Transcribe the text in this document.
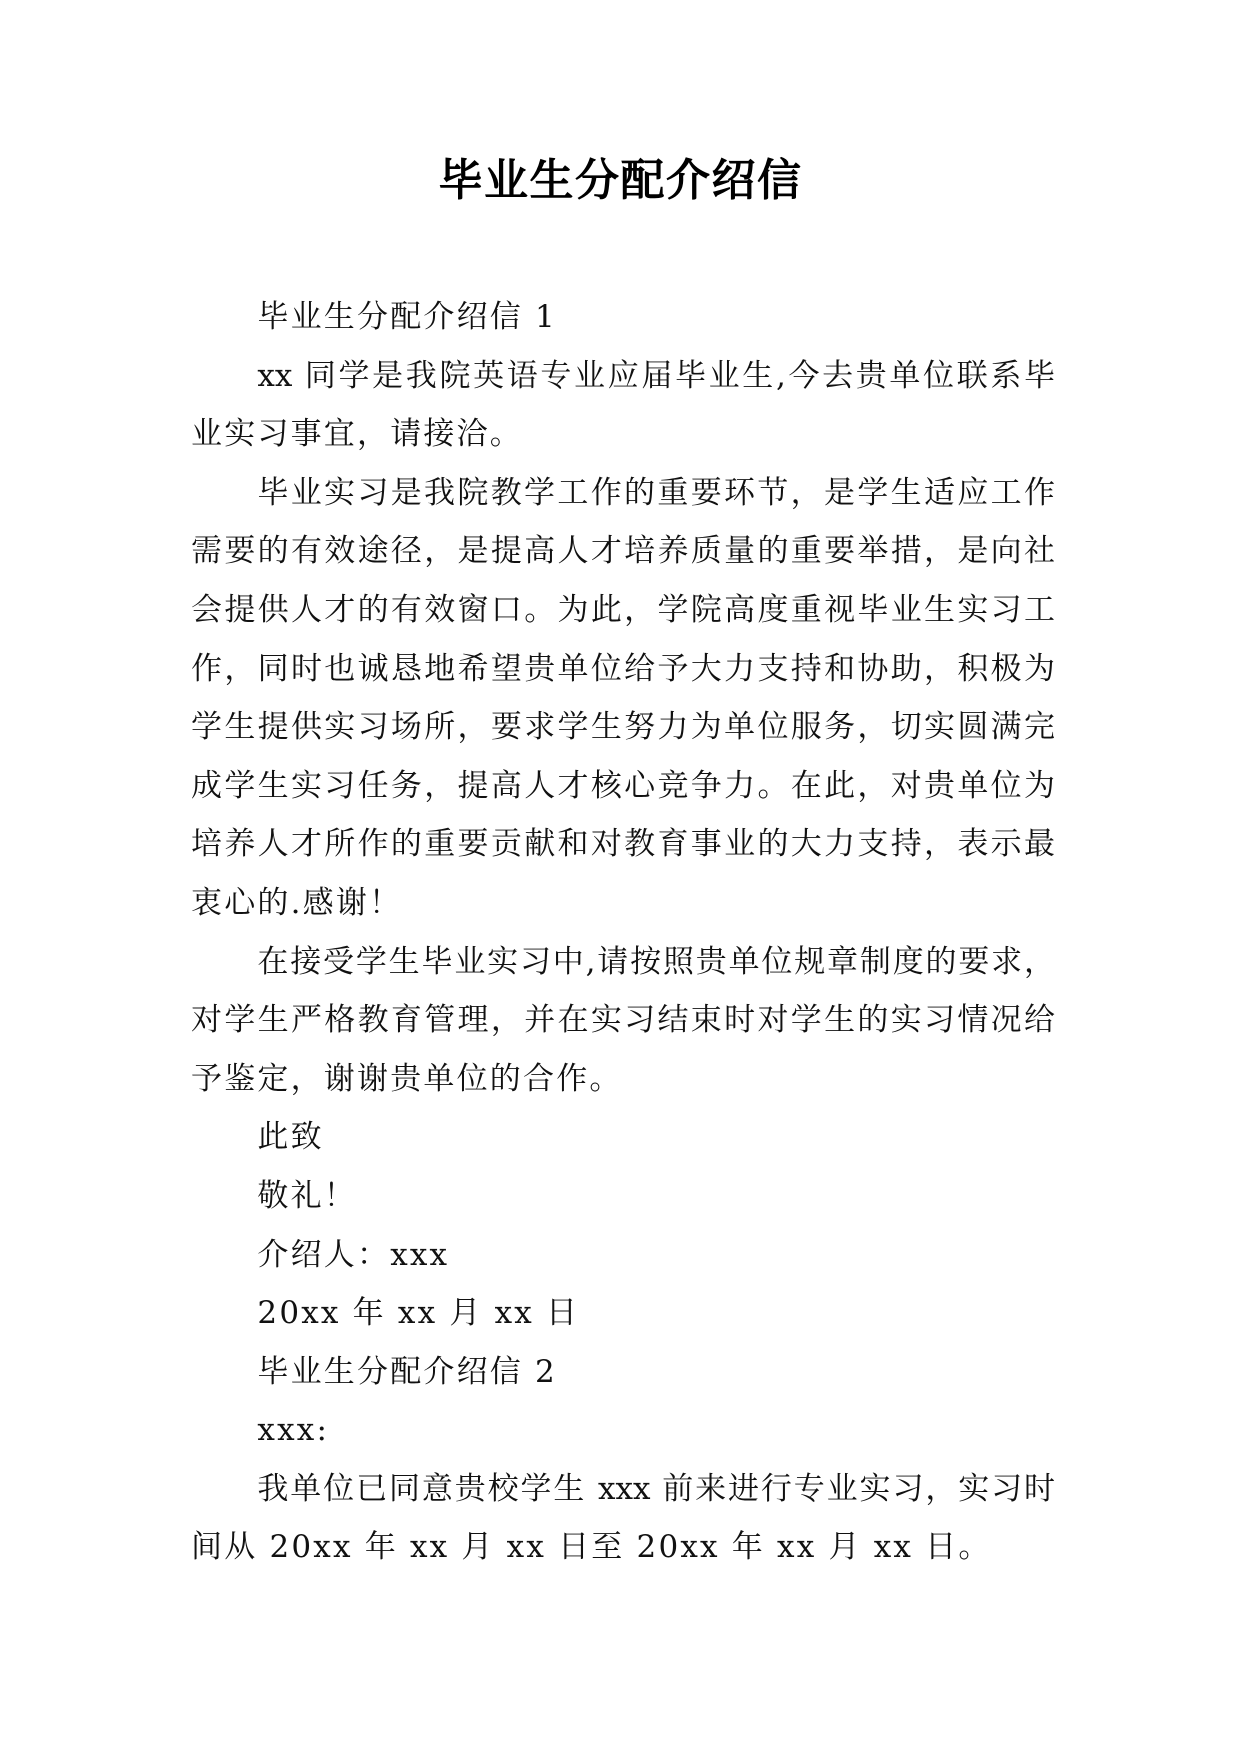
毕业生分配介绍信
毕业生分配介绍信 1
xx 同学是我院英语专业应届毕业生,今去贵单位联系毕
业实习事宜，请接洽。
毕业实习是我院教学工作的重要环节，是学生适应工作
需要的有效途径，是提高人才培养质量的重要举措，是向社
会提供人才的有效窗口。为此，学院高度重视毕业生实习工
作，同时也诚恳地希望贵单位给予大力支持和协助，积极为
学生提供实习场所，要求学生努力为单位服务，切实圆满完
成学生实习任务，提高人才核心竞争力。在此，对贵单位为
培养人才所作的重要贡献和对教育事业的大力支持，表示最
衷心的.感谢！
在接受学生毕业实习中,请按照贵单位规章制度的要求，
对学生严格教育管理，并在实习结束时对学生的实习情况给
予鉴定，谢谢贵单位的合作。
此致
敬礼！
介绍人：xxx
20xx 年 xx 月 xx 日
毕业生分配介绍信 2
xxx:
我单位已同意贵校学生 xxx 前来进行专业实习，实习时
间从 20xx 年 xx 月 xx 日至 20xx 年 xx 月 xx 日。
